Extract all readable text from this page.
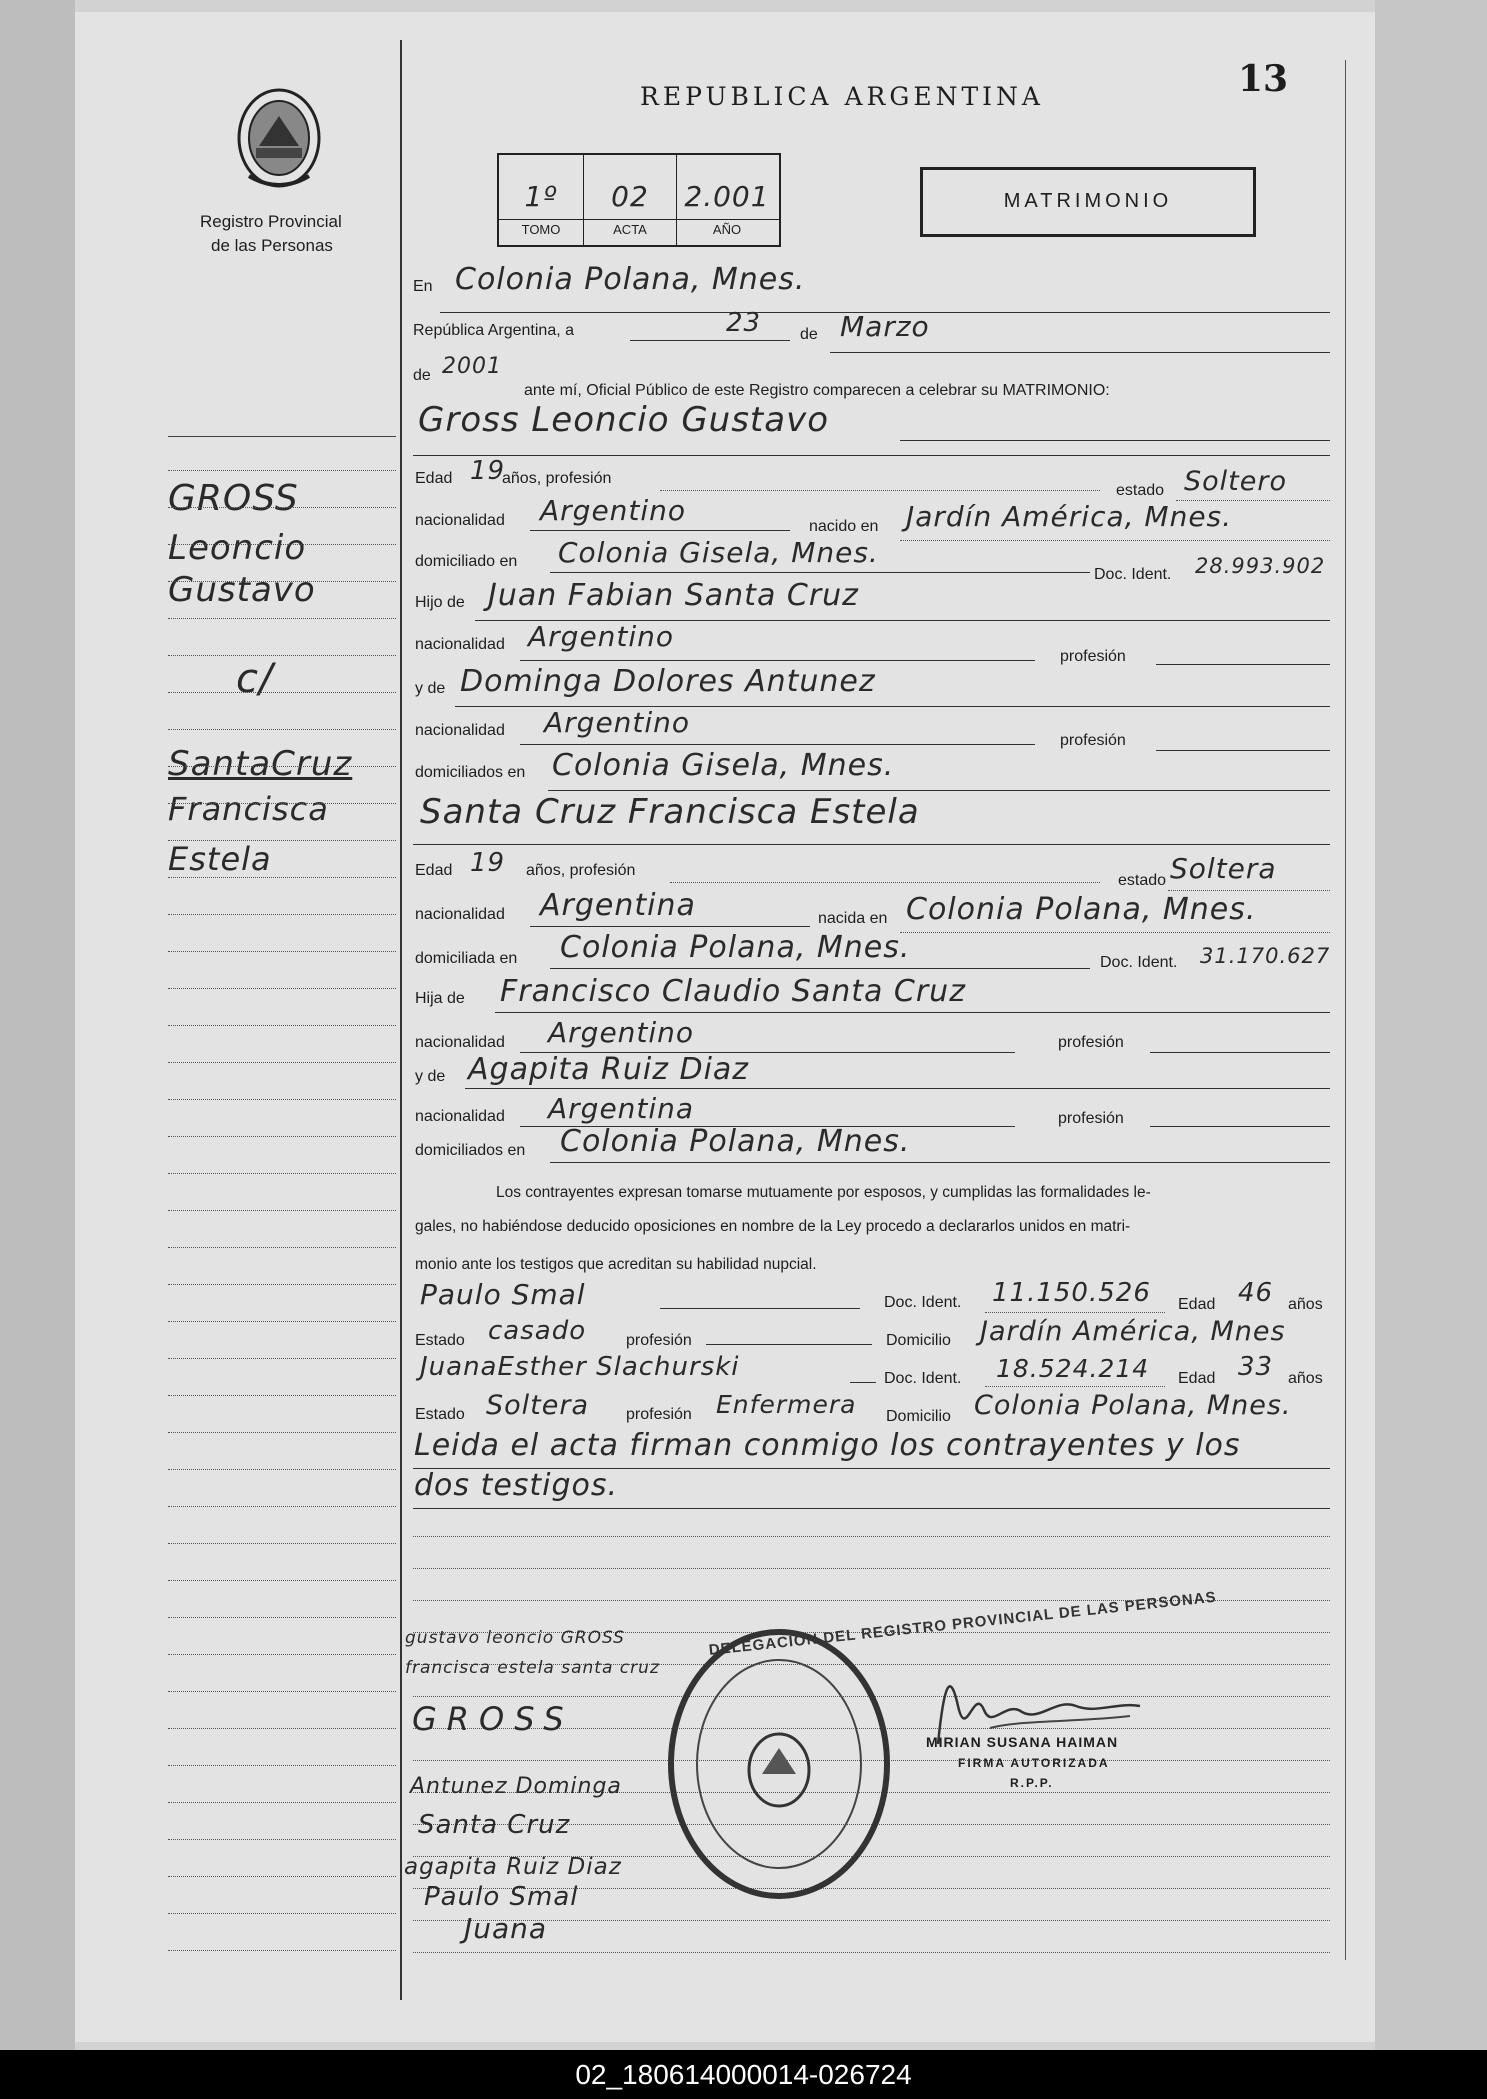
13
Registro Provincial
de las Personas
REPUBLICA ARGENTINA
1º	02	2.001
TOMO	ACTA	AÑO
MATRIMONIO
GROSS
Leoncio
Gustavo
c/
SantaCruz
Francisca
Estela
En Colonia Polana, Mnes.
República Argentina, a	23 de Marzo
de 2001
ante mí, Oficial Público de este Registro comparecen a celebrar su MATRIMONIO:
Gross Leoncio Gustavo
Edad 19
años, profesión
estado Soltero
nacionalidad Argentino	nacido en Jardín América, Mnes.
domiciliado en Colonia Gisela, Mnes.
Doc. Ident. 28.993.902
Hijo de Juan Fabian Santa Cruz
nacionalidad Argentino
profesión
y de Dominga Dolores Antunez
nacionalidad Argentino
profesión
domiciliados en Colonia Gisela, Mnes.
Santa Cruz Francisca Estela
Edad 19 años, profesión
estado Soltera
nacionalidad Argentina	nacida en Colonia Polana, Mnes.
domiciliada en Colonia Polana, Mnes.	Doc. Ident. 31.170.627
Hija de Francisco Claudio Santa Cruz
nacionalidad Argentino	profesión
y de Agapita Ruiz Diaz
nacionalidad Argentina	profesión
domiciliados en Colonia Polana, Mnes.
Los contrayentes expresan tomarse mutuamente por esposos, y cumplidas las formalidades le-
gales, no habiéndose deducido oposiciones en nombre de la Ley procedo a declararlos unidos en matri-
monio ante los testigos que acreditan su habilidad nupcial.
Paulo Smal	Doc. Ident. 11.150.526 Edad 46 años
Estado casado profesión	Domicilio Jardín América, Mnes
JuanaEsther Slachurski	Doc. Ident. 18.524.214 Edad 33 años
Estado Soltera profesión Enfermera Domicilio Colonia Polana, Mnes.
Leida el acta firman conmigo los contrayentes y los
dos testigos.
gustavo leoncio GROSS
francisca estela santa cruz
GROSS
Antunez Dominga
Santa Cruz
agapita Ruiz Diaz
Paulo Smal
Juana
DELEGACION DEL REGISTRO PROVINCIAL DE LAS PERSONAS
MIRIAN SUSANA HAIMAN
FIRMA AUTORIZADA
R.P.P.
02_180614000014-026724
